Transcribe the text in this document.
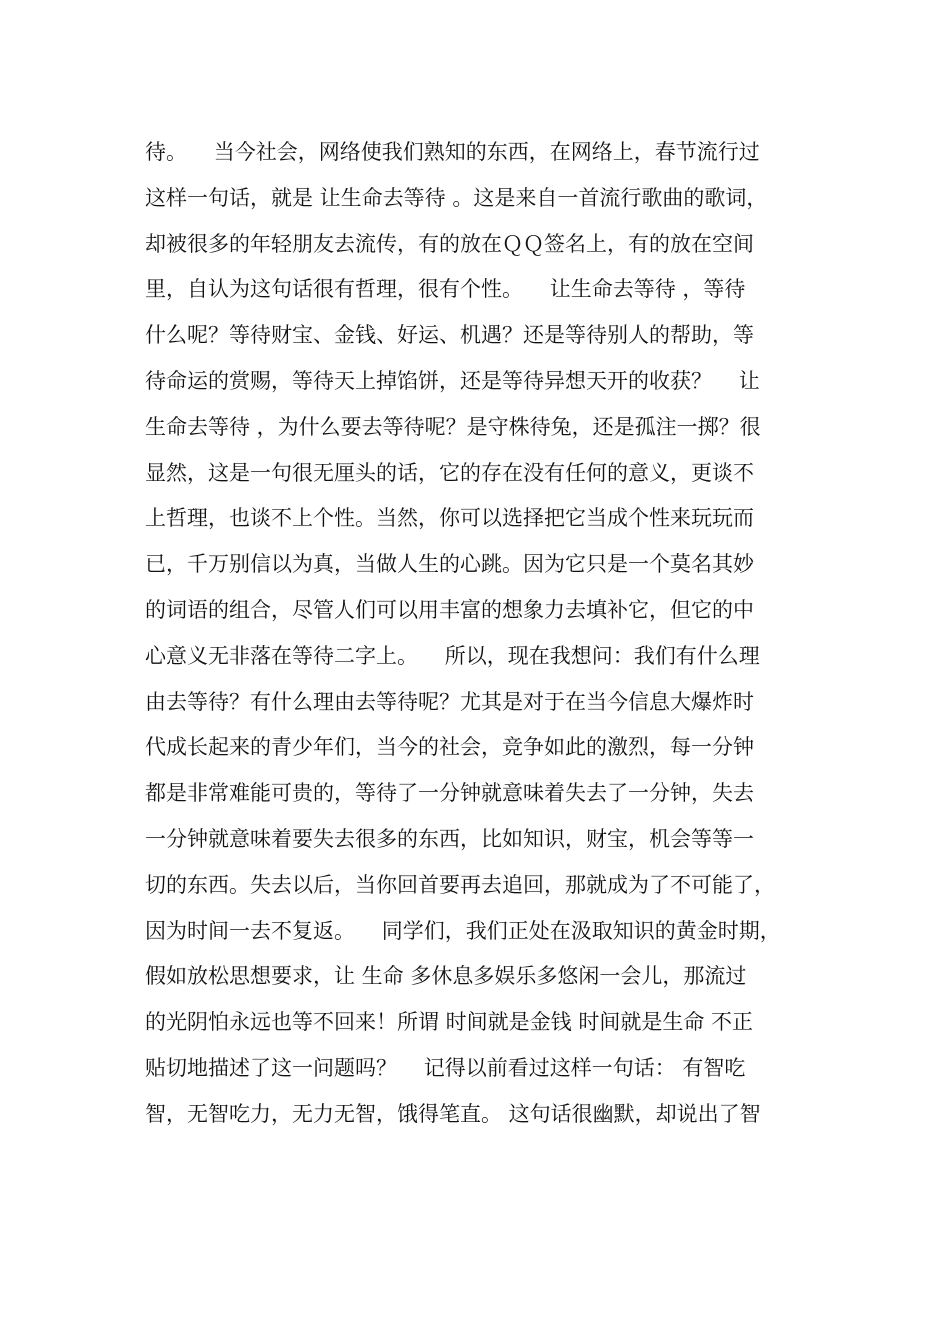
待。    当今社会，网络使我们熟知的东西，在网络上，春节流行过
这样一句话，就是 让生命去等待 。这是来自一首流行歌曲的歌词，
却被很多的年轻朋友去流传，有的放在ＱＱ签名上，有的放在空间
里，自认为这句话很有哲理，很有个性。    让生命去等待 ，等待
什么呢？等待财宝、金钱、好运、机遇？还是等待别人的帮助，等
待命运的赏赐，等待天上掉馅饼，还是等待异想天开的收获？    让
生命去等待 ，为什么要去等待呢？是守株待兔，还是孤注一掷？很
显然，这是一句很无厘头的话，它的存在没有任何的意义，更谈不
上哲理，也谈不上个性。当然，你可以选择把它当成个性来玩玩而
已，千万别信以为真，当做人生的心跳。因为它只是一个莫名其妙
的词语的组合，尽管人们可以用丰富的想象力去填补它，但它的中
心意义无非落在等待二字上。    所以，现在我想问：我们有什么理
由去等待？有什么理由去等待呢？尤其是对于在当今信息大爆炸时
代成长起来的青少年们，当今的社会，竞争如此的激烈，每一分钟
都是非常难能可贵的，等待了一分钟就意味着失去了一分钟，失去
一分钟就意味着要失去很多的东西，比如知识，财宝，机会等等一
切的东西。失去以后，当你回首要再去追回，那就成为了不可能了，
因为时间一去不复返。    同学们，我们正处在汲取知识的黄金时期，
假如放松思想要求，让 生命 多休息多娱乐多悠闲一会儿，那流过
的光阴怕永远也等不回来！所谓 时间就是金钱 时间就是生命 不正
贴切地描述了这一问题吗？    记得以前看过这样一句话： 有智吃
智，无智吃力，无力无智，饿得笔直。 这句话很幽默，却说出了智
